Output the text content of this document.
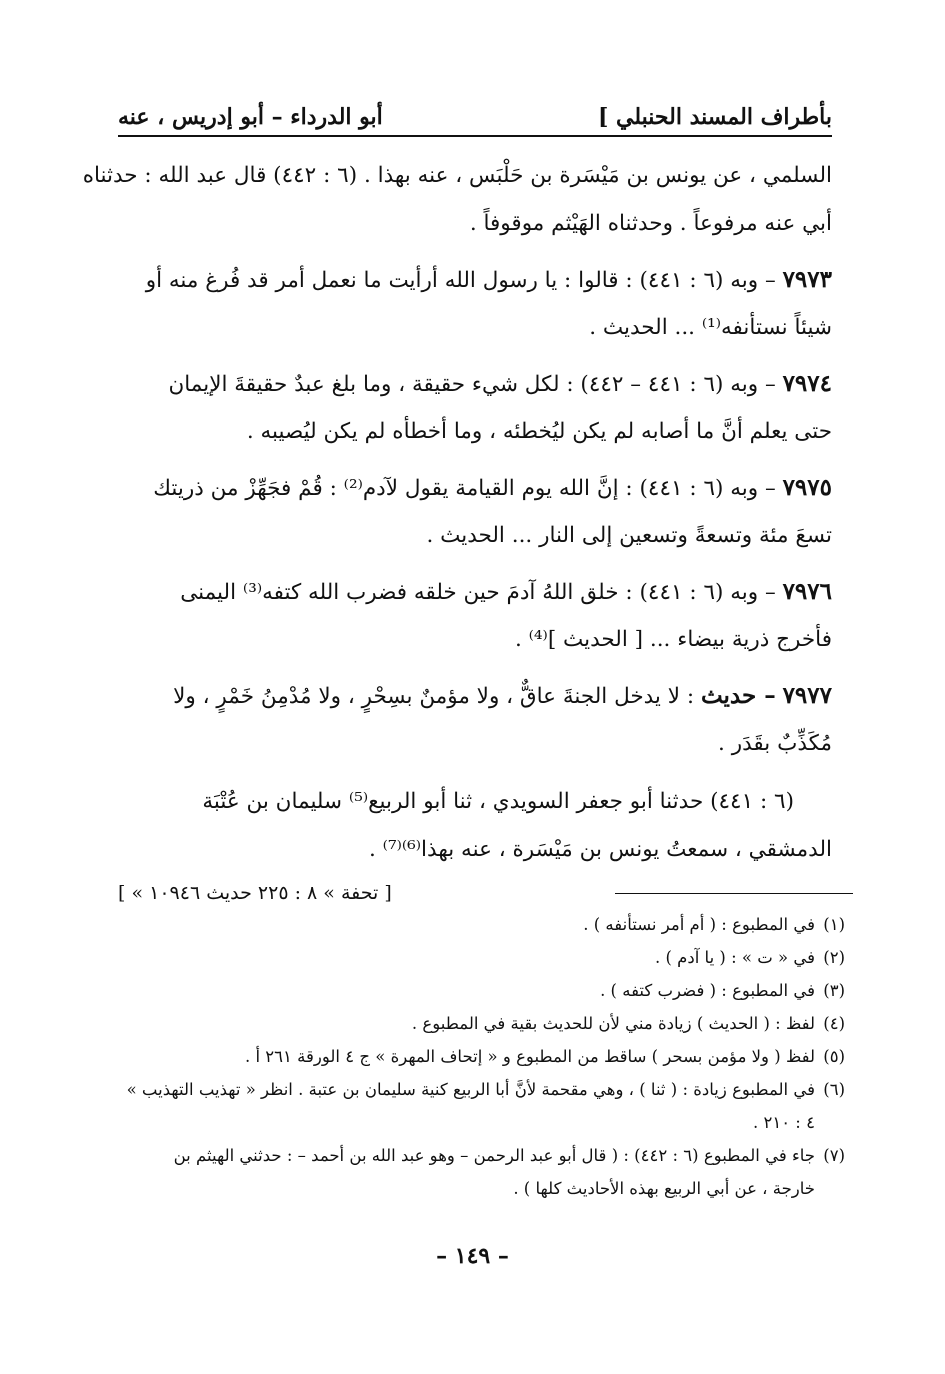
بأطراف المسند الحنبلي ]
أبو الدرداء – أبو إدريس ، عنه
السلمي ، عن يونس بن مَيْسَرة بن حَلْبَس ، عنه بهذا . (٦ : ٤٤٢) قال عبد الله : حدثناه
أبي عنه مرفوعاً . وحدثناه الهَيْثم موقوفاً .
٧٩٧٣ – وبه (٦ : ٤٤١) : قالوا : يا رسول الله أرأيت ما نعمل أمر قد فُرغ منه أو
شيئاً نستأنفه⁽¹⁾ ... الحديث .
٧٩٧٤ – وبه (٦ : ٤٤١ – ٤٤٢) : لكل شيء حقيقة ، وما بلغ عبدٌ حقيقةَ الإيمان
حتى يعلم أنَّ ما أصابه لم يكن ليُخطئه ، وما أخطأه لم يكن ليُصيبه .
٧٩٧٥ – وبه (٦ : ٤٤١) : إنَّ الله يوم القيامة يقول لآدم⁽²⁾ : قُمْ فجَهِّزْ من ذريتك
تسعَ مئة وتسعةً وتسعين إلى النار ... الحديث .
٧٩٧٦ – وبه (٦ : ٤٤١) : خلق اللهُ آدمَ حين خلقه فضرب الله كتفه⁽³⁾ اليمنى
فأخرج ذرية بيضاء ... [ الحديث ]⁽⁴⁾ .
٧٩٧٧ – حديث : لا يدخل الجنةَ عاقٌّ ، ولا مؤمنٌ بسِحْرٍ ، ولا مُدْمِنُ خَمْرٍ ، ولا
مُكَذِّبٌ بقَدَر .
(٦ : ٤٤١) حدثنا أبو جعفر السويدي ، ثنا أبو الربيع⁽⁵⁾ سليمان بن عُتْبَة
الدمشقي ، سمعتُ يونس بن مَيْسَرة ، عنه بهذا⁽⁶⁾⁽⁷⁾ .
[ « تحفة » ٨ : ٢٢٥ حديث ١٠٩٤٦ ]
(١)في المطبوع : ( أم أمر نستأنفه ) .
(٢)في « ت » : ( يا آدم ) .
(٣)في المطبوع : ( فضرب كتفه ) .
(٤)لفظ : ( الحديث ) زيادة مني لأن للحديث بقية في المطبوع .
(٥)لفظ ( ولا مؤمن بسحر ) ساقط من المطبوع و « إتحاف المهرة » ج ٤ الورقة ٢٦١ أ .
(٦)في المطبوع زيادة : ( ثنا ) ، وهي مقحمة لأنَّ أبا الربيع كنية سليمان بن عتبة . انظر « تهذيب التهذيب »
٤ : ٢١٠ .
(٧)جاء في المطبوع (٦ : ٤٤٢) : ( قال أبو عبد الرحمن – وهو عبد الله بن أحمد – : حدثني الهيثم بن
خارجة ، عن أبي الربيع بهذه الأحاديث كلها ) .
– ١٤٩ –
